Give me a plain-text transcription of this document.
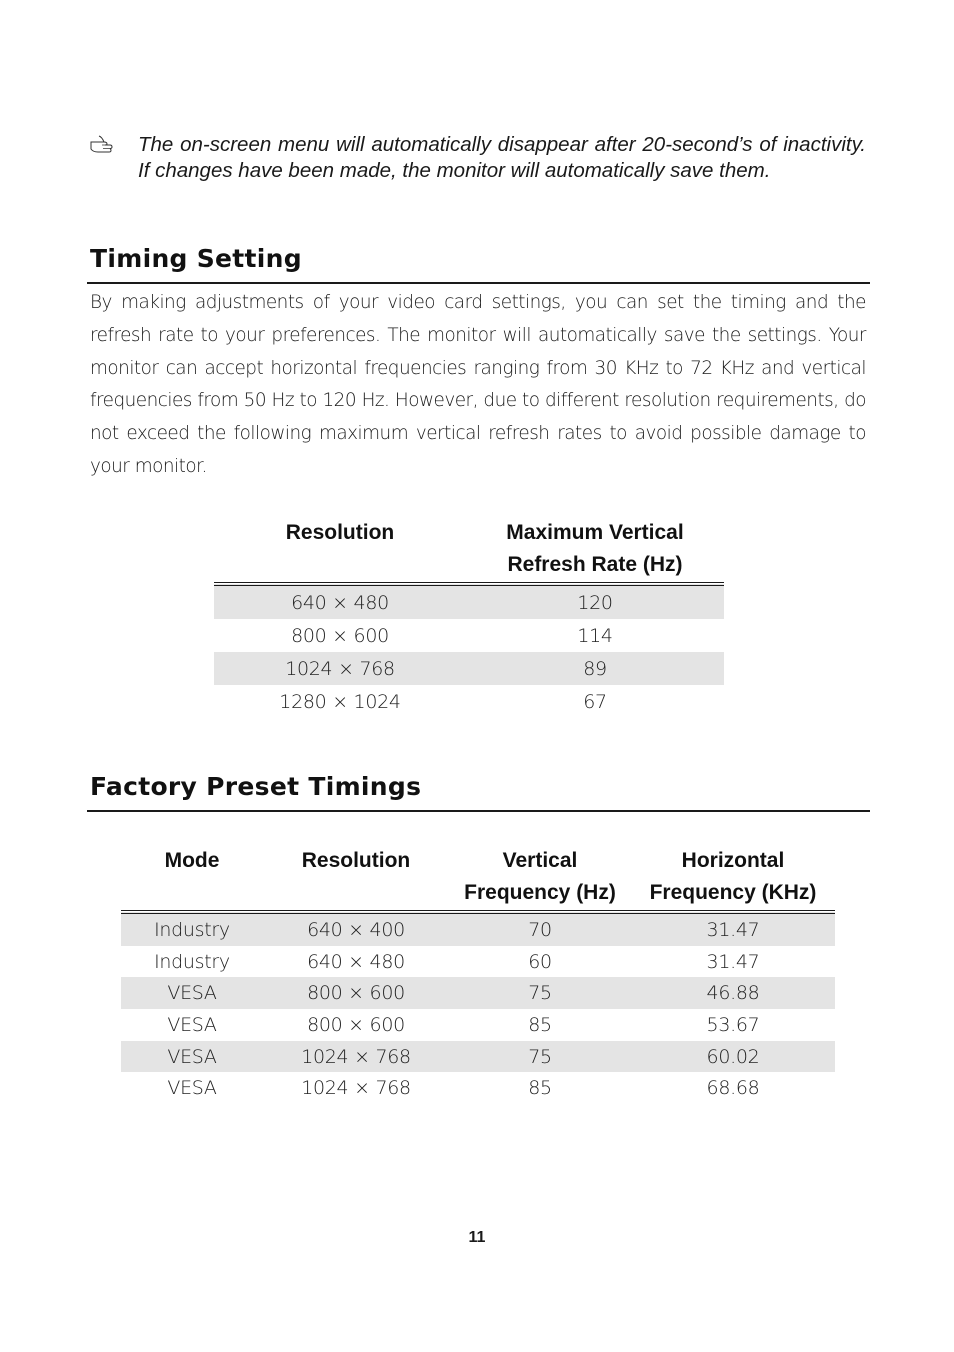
The on-screen menu will automatically disappear after 20-second’s of inactivity. If changes have been made, the monitor will automatically save them.

Timing Setting

By making adjustments of your video card settings, you can set the timing and the refresh rate to your preferences. The monitor will automatically save the settings. Your monitor can accept horizontal frequencies ranging from 30 KHz to 72 KHz and vertical frequencies from 50 Hz to 120 Hz. However, due to different resolution requirements, do not exceed the following maximum vertical refresh rates to avoid possible damage to your monitor.

Resolution	Maximum Vertical Refresh Rate (Hz)
640 × 480	120
800 × 600	114
1024 × 768	89
1280 × 1024	67
Factory Preset Timings
Mode	Resolution	Vertical Frequency (Hz)	Horizontal Frequency (KHz)
Industry	640 × 400	70	31.47
Industry	640 × 480	60	31.47
VESA	800 × 600	75	46.88
VESA	800 × 600	85	53.67
VESA	1024 × 768	75	60.02
VESA	1024 × 768	85	68.68
11
